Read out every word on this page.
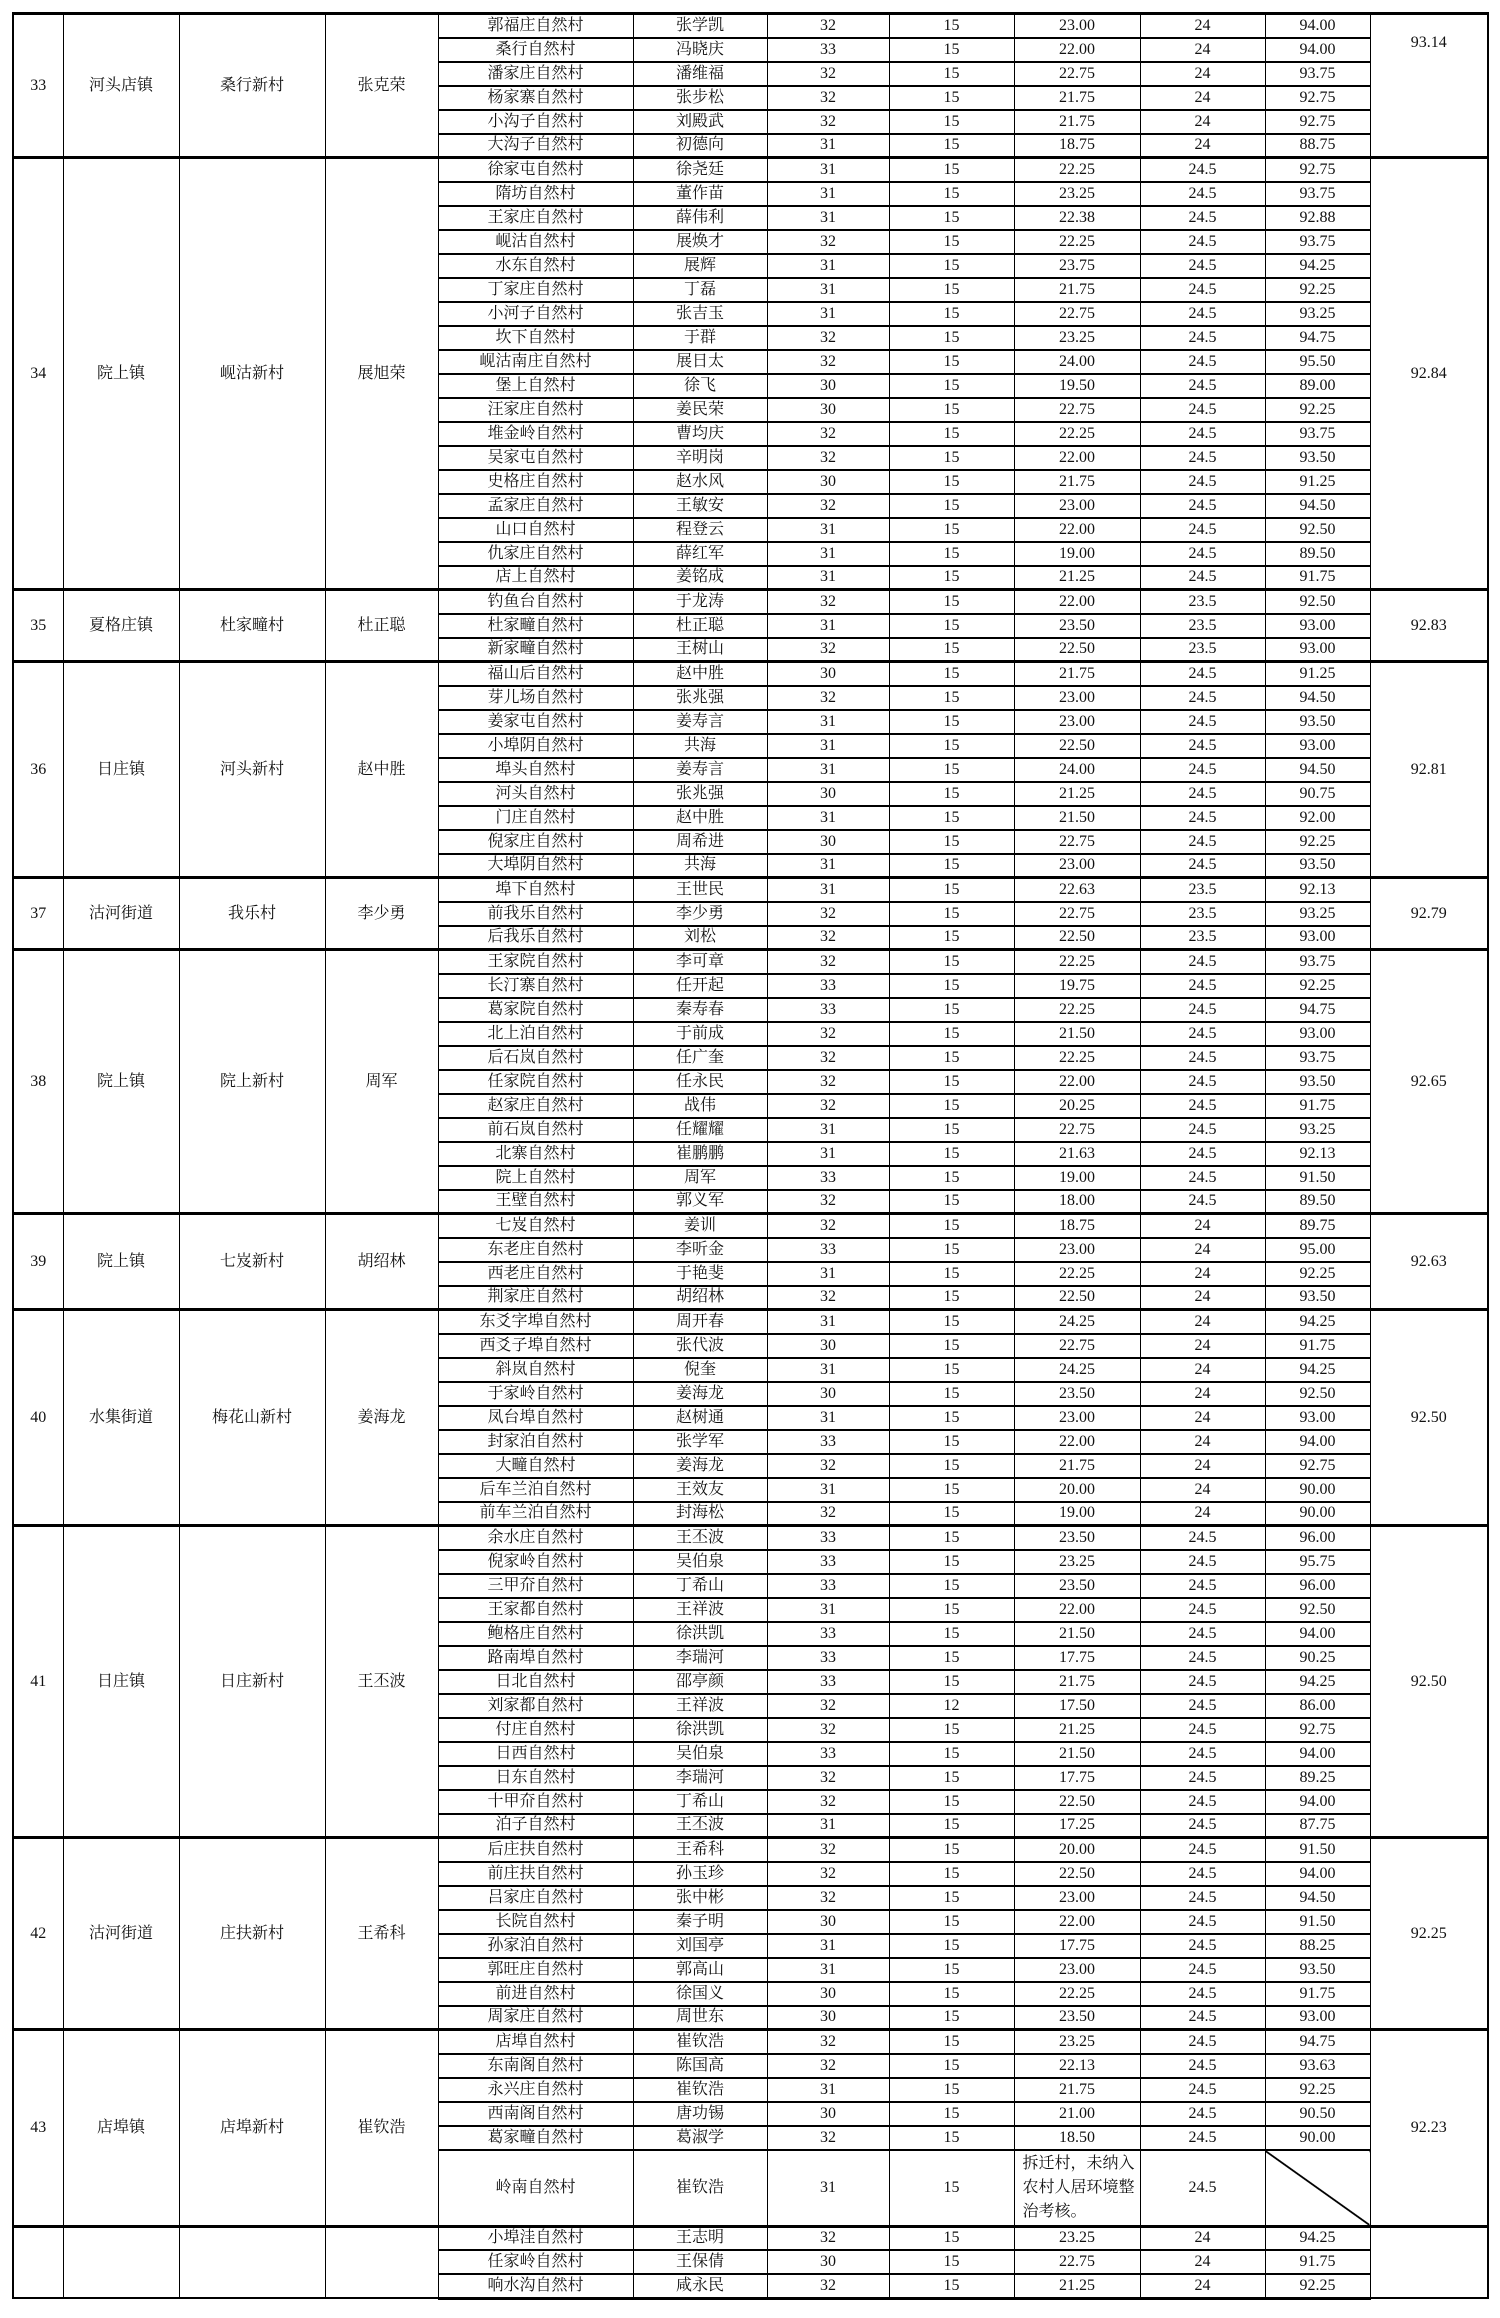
33	河头店镇	桑行新村	张克荣	郭福庄自然村	张学凯	32	15	23.00	24	94.00	93.14
				桑行自然村	冯晓庆	33	15	22.00	24	94.00	
				潘家庄自然村	潘维福	32	15	22.75	24	93.75	
				杨家寨自然村	张步松	32	15	21.75	24	92.75	
				小沟子自然村	刘殿武	32	15	21.75	24	92.75	
				大沟子自然村	初德向	31	15	18.75	24	88.75	
34	院上镇	岘沽新村	展旭荣	徐家屯自然村	徐尧廷	31	15	22.25	24.5	92.75	92.84
				隋坊自然村	董作苗	31	15	23.25	24.5	93.75	
				王家庄自然村	薛伟利	31	15	22.38	24.5	92.88	
				岘沽自然村	展焕才	32	15	22.25	24.5	93.75	
				水东自然村	展辉	31	15	23.75	24.5	94.25	
				丁家庄自然村	丁磊	31	15	21.75	24.5	92.25	
				小河子自然村	张吉玉	31	15	22.75	24.5	93.25	
				坎下自然村	于群	32	15	23.25	24.5	94.75	
				岘沽南庄自然村	展日太	32	15	24.00	24.5	95.50	
				堡上自然村	徐飞	30	15	19.50	24.5	89.00	
				汪家庄自然村	姜民荣	30	15	22.75	24.5	92.25	
				堆金岭自然村	曹均庆	32	15	22.25	24.5	93.75	
				吴家屯自然村	辛明岗	32	15	22.00	24.5	93.50	
				史格庄自然村	赵水风	30	15	21.75	24.5	91.25	
				孟家庄自然村	王敏安	32	15	23.00	24.5	94.50	
				山口自然村	程登云	31	15	22.00	24.5	92.50	
				仇家庄自然村	薛红军	31	15	19.00	24.5	89.50	
				店上自然村	姜铭成	31	15	21.25	24.5	91.75	
35	夏格庄镇	杜家疃村	杜正聪	钓鱼台自然村	于龙涛	32	15	22.00	23.5	92.50	92.83
				杜家疃自然村	杜正聪	31	15	23.50	23.5	93.00	
				新家疃自然村	王树山	32	15	22.50	23.5	93.00	
36	日庄镇	河头新村	赵中胜	福山后自然村	赵中胜	30	15	21.75	24.5	91.25	92.81
				芽儿场自然村	张兆强	32	15	23.00	24.5	94.50	
				姜家屯自然村	姜寿言	31	15	23.00	24.5	93.50	
				小埠阴自然村	共海	31	15	22.50	24.5	93.00	
				埠头自然村	姜寿言	31	15	24.00	24.5	94.50	
				河头自然村	张兆强	30	15	21.25	24.5	90.75	
				门庄自然村	赵中胜	31	15	21.50	24.5	92.00	
				倪家庄自然村	周希进	30	15	22.75	24.5	92.25	
				大埠阴自然村	共海	31	15	23.00	24.5	93.50	
37	沽河街道	我乐村	李少勇	埠下自然村	王世民	31	15	22.63	23.5	92.13	92.79
				前我乐自然村	李少勇	32	15	22.75	23.5	93.25	
				后我乐自然村	刘松	32	15	22.50	23.5	93.00	
38	院上镇	院上新村	周军	王家院自然村	李可章	32	15	22.25	24.5	93.75	92.65
				长汀寨自然村	任开起	33	15	19.75	24.5	92.25	
				葛家院自然村	秦寿春	33	15	22.25	24.5	94.75	
				北上泊自然村	于前成	32	15	21.50	24.5	93.00	
				后石岚自然村	任广奎	32	15	22.25	24.5	93.75	
				任家院自然村	任永民	32	15	22.00	24.5	93.50	
				赵家庄自然村	战伟	32	15	20.25	24.5	91.75	
				前石岚自然村	任耀耀	31	15	22.75	24.5	93.25	
				北寨自然村	崔鹏鹏	31	15	21.63	24.5	92.13	
				院上自然村	周军	33	15	19.00	24.5	91.50	
				王壁自然村	郭义军	32	15	18.00	24.5	89.50	
39	院上镇	七岌新村	胡绍林	七岌自然村	姜训	32	15	18.75	24	89.75	92.63
				东老庄自然村	李听金	33	15	23.00	24	95.00	
				西老庄自然村	于艳斐	31	15	22.25	24	92.25	
				荆家庄自然村	胡绍林	32	15	22.50	24	93.50	
40	水集街道	梅花山新村	姜海龙	东爻字埠自然村	周开春	31	15	24.25	24	94.25	92.50
				西爻子埠自然村	张代波	30	15	22.75	24	91.75	
				斜岚自然村	倪奎	31	15	24.25	24	94.25	
				于家岭自然村	姜海龙	30	15	23.50	24	92.50	
				凤台埠自然村	赵树通	31	15	23.00	24	93.00	
				封家泊自然村	张学军	33	15	22.00	24	94.00	
				大疃自然村	姜海龙	32	15	21.75	24	92.75	
				后车兰泊自然村	王效友	31	15	20.00	24	90.00	
				前车兰泊自然村	封海松	32	15	19.00	24	90.00	
41	日庄镇	日庄新村	王丕波	余水庄自然村	王丕波	33	15	23.50	24.5	96.00	92.50
				倪家岭自然村	吴伯泉	33	15	23.25	24.5	95.75	
				三甲夼自然村	丁希山	33	15	23.50	24.5	96.00	
				王家都自然村	王祥波	31	15	22.00	24.5	92.50	
				鲍格庄自然村	徐洪凯	33	15	21.50	24.5	94.00	
				路南埠自然村	李瑞河	33	15	17.75	24.5	90.25	
				日北自然村	邵亭颜	33	15	21.75	24.5	94.25	
				刘家都自然村	王祥波	32	12	17.50	24.5	86.00	
				付庄自然村	徐洪凯	32	15	21.25	24.5	92.75	
				日西自然村	吴伯泉	33	15	21.50	24.5	94.00	
				日东自然村	李瑞河	32	15	17.75	24.5	89.25	
				十甲夼自然村	丁希山	32	15	22.50	24.5	94.00	
				泊子自然村	王丕波	31	15	17.25	24.5	87.75	
42	沽河街道	庄扶新村	王希科	后庄扶自然村	王希科	32	15	20.00	24.5	91.50	92.25
				前庄扶自然村	孙玉珍	32	15	22.50	24.5	94.00	
				吕家庄自然村	张中彬	32	15	23.00	24.5	94.50	
				长院自然村	秦子明	30	15	22.00	24.5	91.50	
				孙家泊自然村	刘国亭	31	15	17.75	24.5	88.25	
				郭旺庄自然村	郭高山	31	15	23.00	24.5	93.50	
				前进自然村	徐国义	30	15	22.25	24.5	91.75	
				周家庄自然村	周世东	30	15	23.50	24.5	93.00	
43	店埠镇	店埠新村	崔钦浩	店埠自然村	崔钦浩	32	15	23.25	24.5	94.75	92.23
				东南阁自然村	陈国高	32	15	22.13	24.5	93.63	
				永兴庄自然村	崔钦浩	31	15	21.75	24.5	92.25	
				西南阁自然村	唐功锡	30	15	21.00	24.5	90.50	
				葛家疃自然村	葛淑学	32	15	18.50	24.5	90.00	
				岭南自然村	崔钦浩	31	15	拆迁村，未纳入农村人居环境整治考核。	24.5		
				小埠洼自然村	王志明	32	15	23.25	24	94.25	
				任家岭自然村	王保倩	30	15	22.75	24	91.75	
				响水沟自然村	咸永民	32	15	21.25	24	92.25	
